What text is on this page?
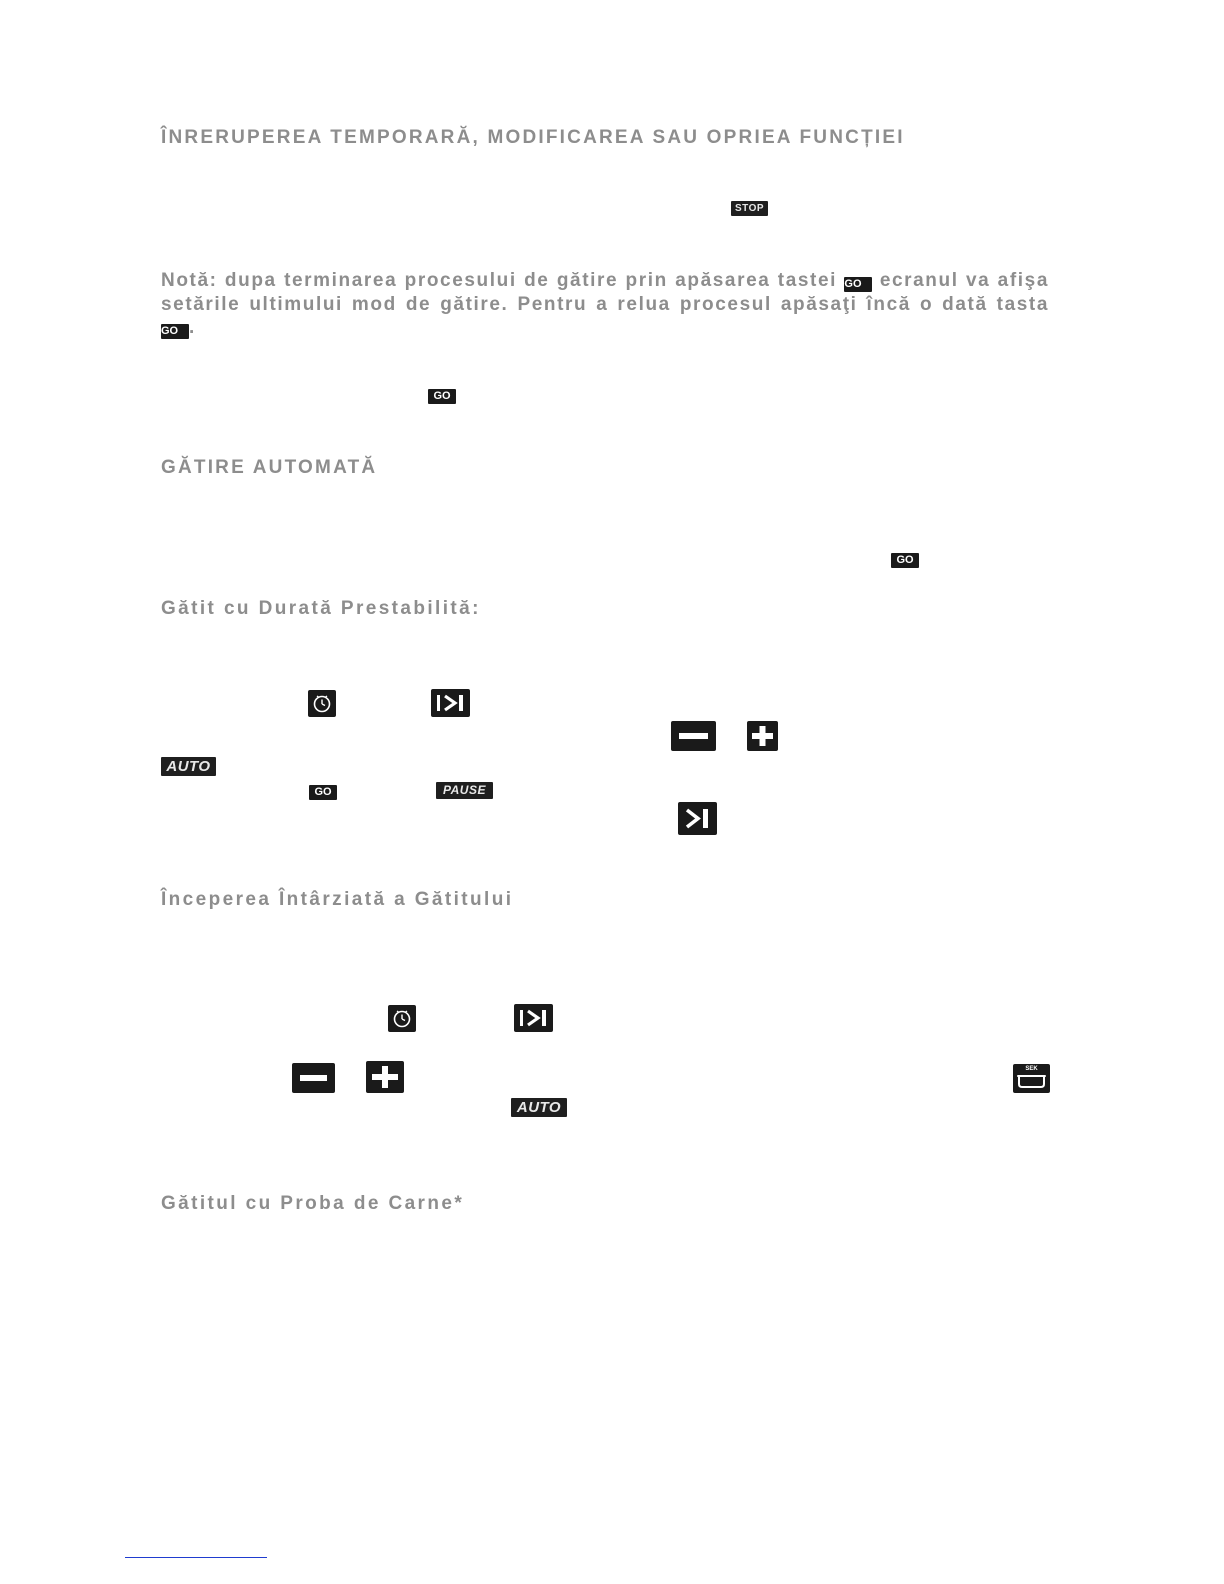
ÎNRERUPEREA TEMPORARĂ, MODIFICAREA SAU OPRIEA FUNCȚIEI
STOP
Notă: dupa terminarea procesului de gătire prin apăsarea tastei GO ecranul va afişa setările ultimului mod de gătire. Pentru a relua procesul apăsaţi încă o dată tasta GO .
GO
GĂTIRE AUTOMATĂ
GO
Gătit cu Durată Prestabilită:
AUTO
GO	PAUSE
Începerea Întârziată a Gătitului
SEK
AUTO
Gătitul cu Proba de Carne*
